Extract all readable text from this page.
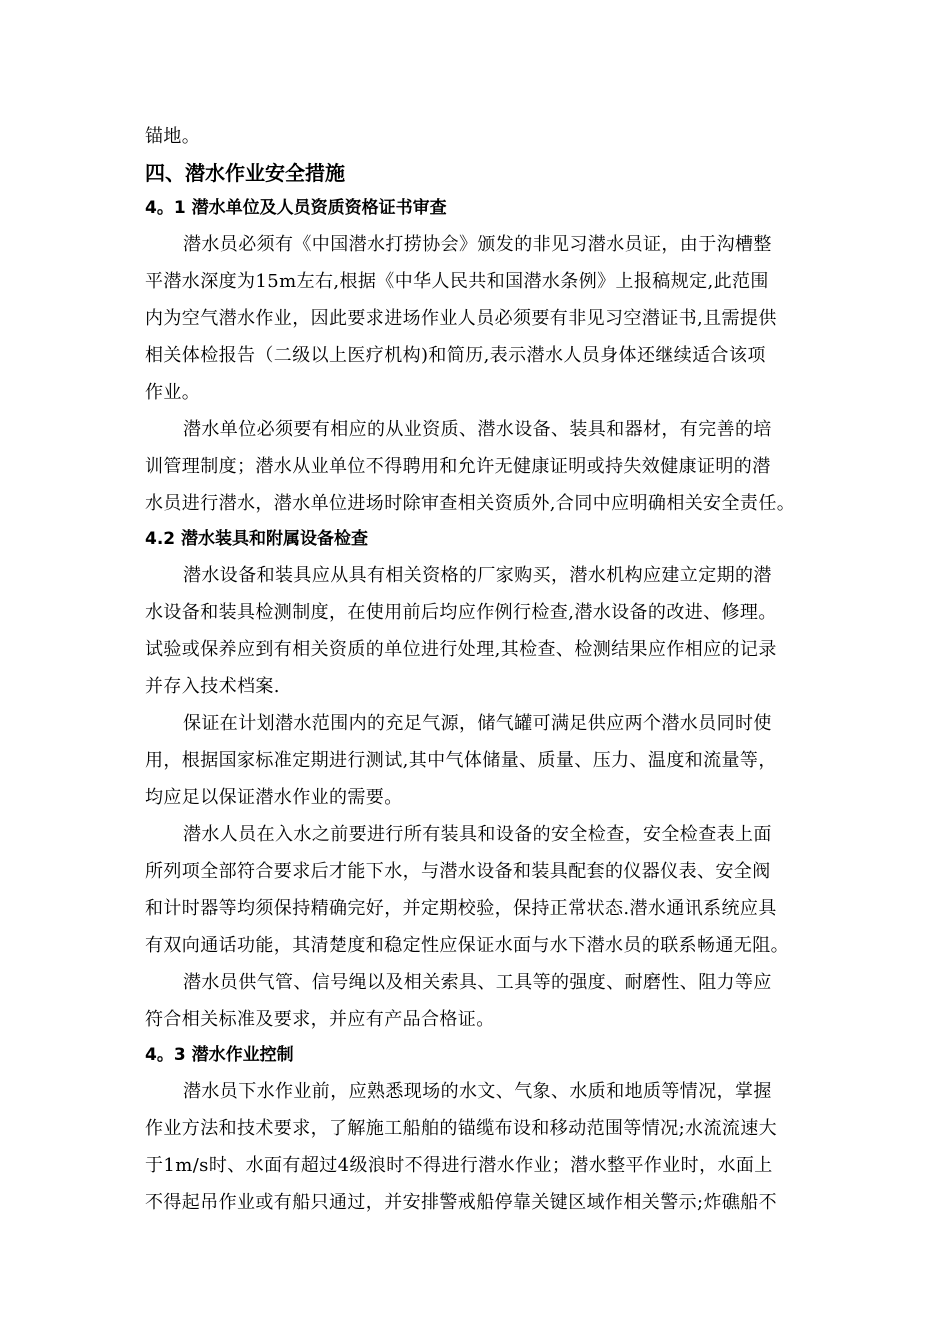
锚地。
四、潜水作业安全措施
4。1 潜水单位及人员资质资格证书审查
潜水员必须有《中国潜水打捞协会》颁发的非见习潜水员证，由于沟槽整
平潜水深度为15m左右,根据《中华人民共和国潜水条例》上报稿规定,此范围
内为空气潜水作业，因此要求进场作业人员必须要有非见习空潜证书,且需提供
相关体检报告（二级以上医疗机构)和简历,表示潜水人员身体还继续适合该项
作业。
潜水单位必须要有相应的从业资质、潜水设备、装具和器材，有完善的培
训管理制度；潜水从业单位不得聘用和允许无健康证明或持失效健康证明的潜
水员进行潜水，潜水单位进场时除审查相关资质外,合同中应明确相关安全责任。
4.2 潜水装具和附属设备检查
潜水设备和装具应从具有相关资格的厂家购买，潜水机构应建立定期的潜
水设备和装具检测制度，在使用前后均应作例行检查,潜水设备的改进、修理。
试验或保养应到有相关资质的单位进行处理,其检查、检测结果应作相应的记录
并存入技术档案.
保证在计划潜水范围内的充足气源，储气罐可满足供应两个潜水员同时使
用，根据国家标准定期进行测试,其中气体储量、质量、压力、温度和流量等，
均应足以保证潜水作业的需要。
潜水人员在入水之前要进行所有装具和设备的安全检查，安全检查表上面
所列项全部符合要求后才能下水，与潜水设备和装具配套的仪器仪表、安全阀
和计时器等均须保持精确完好，并定期校验，保持正常状态.潜水通讯系统应具
有双向通话功能，其清楚度和稳定性应保证水面与水下潜水员的联系畅通无阻。
潜水员供气管、信号绳以及相关索具、工具等的强度、耐磨性、阻力等应
符合相关标准及要求，并应有产品合格证。
4。3 潜水作业控制
潜水员下水作业前，应熟悉现场的水文、气象、水质和地质等情况，掌握
作业方法和技术要求，了解施工船舶的锚缆布设和移动范围等情况;水流流速大
于1m/s时、水面有超过4级浪时不得进行潜水作业；潜水整平作业时，水面上
不得起吊作业或有船只通过，并安排警戒船停靠关键区域作相关警示;炸礁船不
